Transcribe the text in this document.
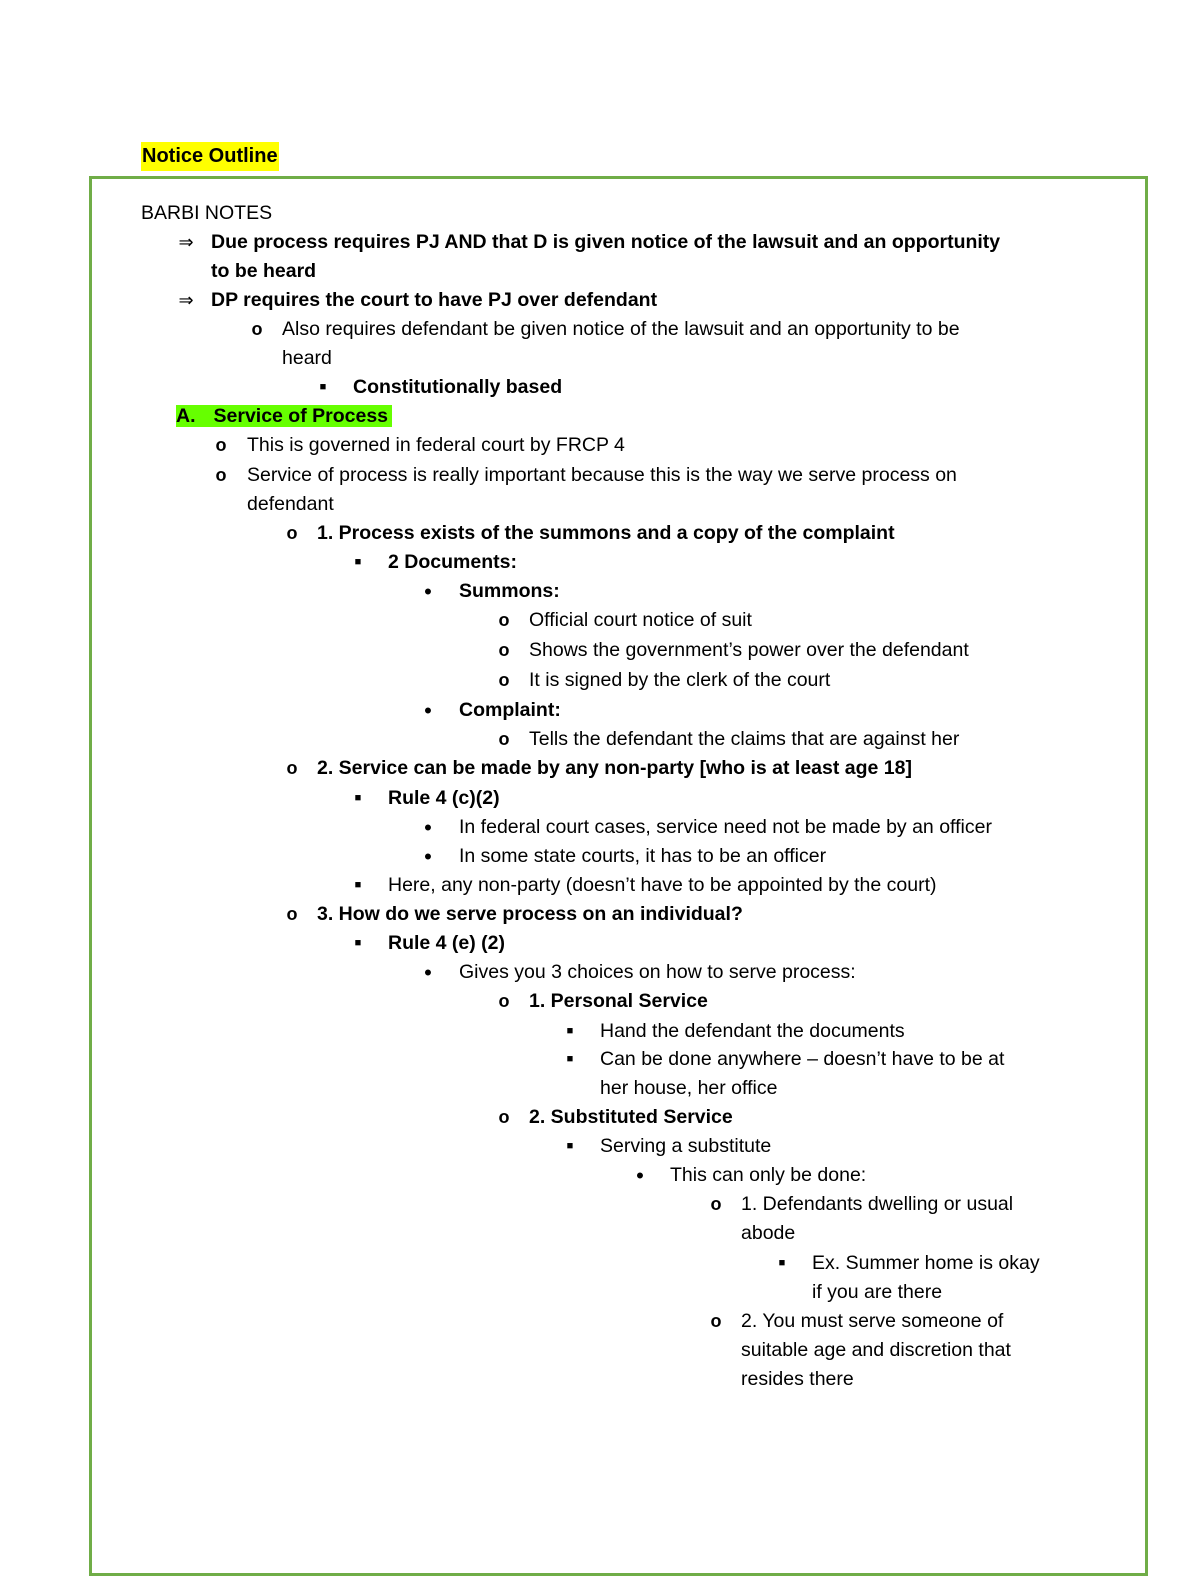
Notice Outline
BARBI NOTES
⇒ Due process requires PJ AND that D is given notice of the lawsuit and an opportunity
to be heard
⇒ DP requires the court to have PJ over defendant
o Also requires defendant be given notice of the lawsuit and an opportunity to be
heard
■	Constitutionally based
A. Service of Process
o This is governed in federal court by FRCP 4
o Service of process is really important because this is the way we serve process on
defendant
o 1. Process exists of the summons and a copy of the complaint
■	2 Documents:
•	Summons:
o Official court notice of suit
o Shows the government’s power over the defendant
o It is signed by the clerk of the court
•	Complaint:
o Tells the defendant the claims that are against her
o 2. Service can be made by any non-party [who is at least age 18]
■	Rule 4 (c)(2)
•	In federal court cases, service need not be made by an officer
•	In some state courts, it has to be an officer
■	Here, any non-party (doesn’t have to be appointed by the court)
o 3. How do we serve process on an individual?
■	Rule 4 (e) (2)
•	Gives you 3 choices on how to serve process:
o 1. Personal Service
■	Hand the defendant the documents
■	Can be done anywhere – doesn’t have to be at
her house, her office
o 2. Substituted Service
■	Serving a substitute
•	This can only be done:
o 1. Defendants dwelling or usual
abode
■	Ex. Summer home is okay
if you are there
o 2. You must serve someone of
suitable age and discretion that
resides there
